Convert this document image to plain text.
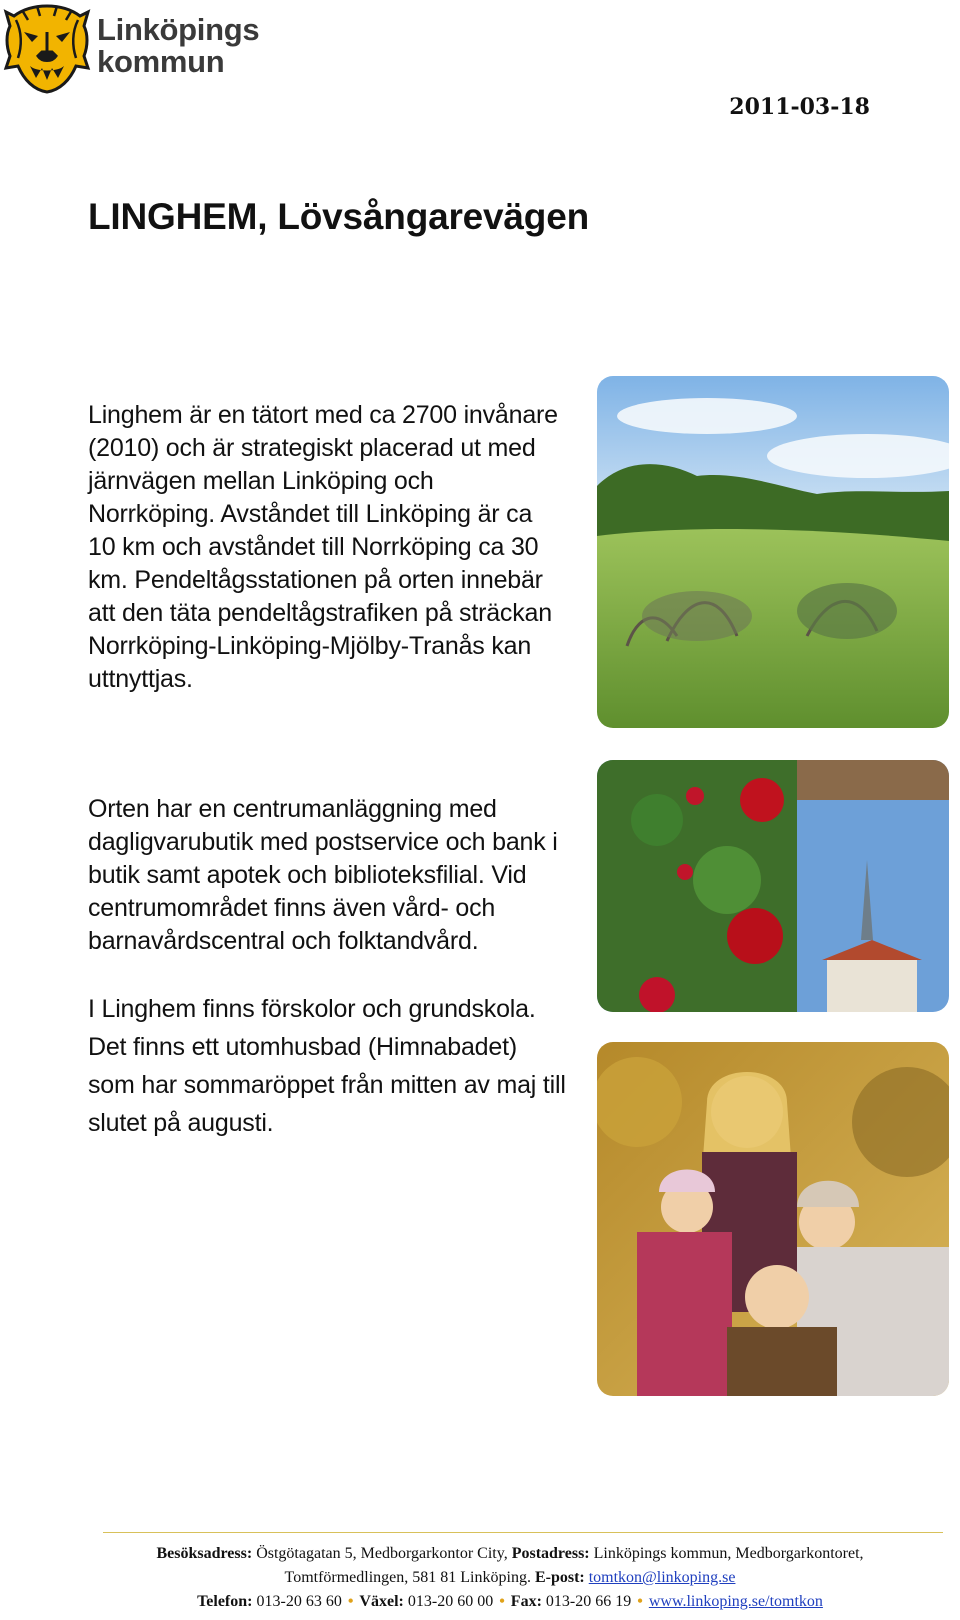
Linköpings
kommun
2011-03-18
LINGHEM, Lövsångarevägen

Linghem är en tätort med ca 2700 invånare (2010) och är strategiskt placerad ut med järnvägen mellan Linköping och Norrköping. Avståndet till Linköping är ca 10 km och avståndet till Norrköping ca 30 km. Pendeltågsstationen på orten innebär att den täta pendeltågstrafiken på sträckan Norrköping-Linköping-Mjölby-Tranås kan uttnyttjas.

Orten har en centrumanläggning med dagligvarubutik med postservice och bank i butik samt apotek och biblioteksfilial. Vid centrumområdet finns även vård- och barnavårdscentral och folktandvård.

I Linghem finns förskolor och grundskola. Det finns ett utomhusbad (Himnabadet) som har sommaröppet från mitten av maj till slutet på augusti.

Besöksadress: Östgötagatan 5, Medborgarkontor City, Postadress: Linköpings kommun, Medborgarkontoret,
Tomtförmedlingen, 581 81 Linköping. E-post: tomtkon@linkoping.se
Telefon: 013-20 63 60 • Växel: 013-20 60 00 • Fax: 013-20 66 19 • www.linkoping.se/tomtkon
